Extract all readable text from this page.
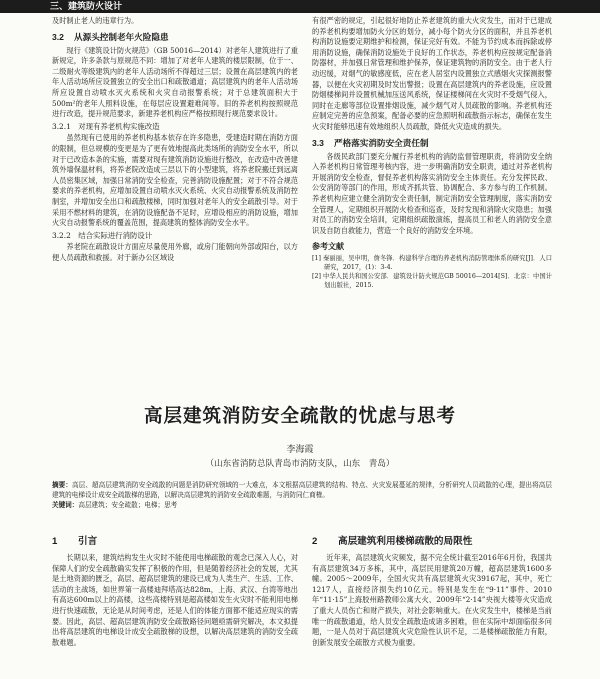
三、建筑防火设计

及时制止老人的违章行为。

3.2 从源头控制老年火险隐患

现行《建筑设计防火规范》（GB 50016—2014）对老年人建筑进行了重新规定，许多条款与原规范不同：增加了对老年人建筑的楼层限制，位于一、二级耐火等级建筑内的老年人活动场所不得超过三层；设置在高层建筑内的老年人活动场所应设置独立的安全出口和疏散通道；高层建筑内的老年人活动场所应设置自动喷水灭火系统和火灾自动报警系统；对于总建筑面积大于500m²的老年人照料设施，在每层应设置避难间等。旧的养老机构按照规范进行改造，提升规范要求，新建养老机构应严格按照现行规范要求设计。

3.2.1　 对现有养老机构实施改造

虽然现有已使用的养老机构基本依存在许多隐患，受建造时期在消防方面的限制，但总规模的变更是为了更有效地提高此类场所的消防安全水平，所以对于已改造本条的实施，需要对现有建筑消防设施进行整改，在改造中改善建筑外墙保温材料，将养老院改造成三层以下的小型建筑，将养老院搬迁到远离人员密集区域，加强日常消防安全检查，完善消防设施配置；对于不符合规范要求的养老机构，应增加设置自动喷水灭火系统、火灾自动报警系统及消防控制室，并增加安全出口和疏散楼梯，同时加强对老年人的安全疏散引导。对于采用不燃材料的建筑，在消防设施配备不足时，应增设相应的消防设施，增加火灾自动报警系统的覆盖范围，提高建筑的整体消防安全水平。

3.2.2　 结合实际进行消防设计

养老院在疏散设计方面应尽量使用外廊，或房门能朝向外部或阳台，以方便人员疏散和救援。对于新办公区域设

有很严密的规定，引起很好地防止养老建筑的重大火灾发生，而对于已建成的养老机构要增加防火分区的划分，减小每个防火分区的面积，并且养老机构消防设施要定期维护和检测，保证完好有效。不能为节约成本而拆除或停用消防设施，确保消防设施处于良好的工作状态，养老机构应按规定配备消防器材，并加强日常管理和维护保养，保证建筑物的消防安全。由于老人行动迟缓，对烟气的敏感度低，应在老人居室内设置独立式感烟火灾探测报警器，以便在火灾初期及时发出警报；设置在高层建筑内的养老设施，应设置防烟楼梯间并设置机械加压送风系统，保证楼梯间在火灾时不受烟气侵入，同时在走廊等部位设置排烟设施，减少烟气对人员疏散的影响。养老机构还应制定完善的应急预案，配备必要的应急照明和疏散指示标志，确保在发生火灾时能够迅速有效地组织人员疏散，降低火灾造成的损失。

3.3 严格落实消防安全责任制

各级民政部门要充分履行养老机构的消防监督管理职责，将消防安全纳入养老机构日常管理考核内容，进一步明确消防安全职责，通过对养老机构开展消防安全检查，督促养老机构落实消防安全主体责任。充分发挥民政、公安消防等部门的作用，形成齐抓共管、协调配合、多方参与的工作机制。养老机构应建立健全消防安全责任制，制定消防安全管理制度，落实消防安全管理人，定期组织开展防火检查和巡查，及时发现和消除火灾隐患；加强对员工的消防安全培训，定期组织疏散演练，提高员工和老人的消防安全意识及自防自救能力，营造一个良好的消防安全环境。

参考文献

[1] 秦丽丽，吴申明，詹冬锋．构建科学合理的养老机构消防管理体系的研究[J]．人口研究，2017，(1)：3-4.
[2] 中华人民共和国公安部．建筑设计防火规范GB 50016—2014[S]．北京：中国计划出版社，2015.

高层建筑消防安全疏散的忧虑与思考
李海霞
（山东省消防总队青岛市消防支队，山东　青岛）
摘要：高层、超高层建筑消防安全疏散的问题是消防研究领域的一大难点，本文根据高层建筑的结构、特点、火灾发展蔓延的规律，分析研究人员疏散的心理，提出将高层建筑的电梯设计成安全疏散梯的思路，以解决高层建筑的消防安全疏散难题，与消防同仁商榷。
关键词：高层建筑；安全疏散；电梯；思考
1 引言

长期以来，建筑结构发生火灾时不能使用电梯疏散的观念已深入人心，对保障人们的安全疏散确实发挥了积极的作用，但是随着经济社会的发展，尤其是土地资源的匮乏，高层、超高层建筑的建设已成为人类生产、生活、工作、活动的主战场，如世界第一高楼迪拜塔高达828m，上海、武汉、台湾等地出有高达600m以上的高楼，这些高楼特别是超高楼如发生火灾时不能利用电梯进行快速疏散，无论是从时间考虑，还是人们的体能方面都不能适应现实的需要。因此，高层、超高层建筑消防安全疏散路径问题亟需研究解决，本文拟提出将高层建筑的电梯设计成安全疏散梯的设想，以解决高层建筑的消防安全疏散难题。

2 高层建筑利用楼梯疏散的局限性

近年来，高层建筑火灾频发，据不完全统计截至2016年6月份，我国共有高层建筑34万多栋，其中，高层民用建筑20万幢，超高层建筑1600多幢。2005～2009年，全国火灾共有高层建筑火灾39167起，其中，死亡1217人，直接经济损失约10亿元。特别是发生在“9·11”事件、2010年“11·15”上海胶州路教师公寓大火、2009年“2·14”央视大楼等火灾造成了重大人员伤亡和财产损失，对社会影响重大。在火灾发生中，楼梯是当前唯一的疏散通道，给人员安全疏散造成诸多困难，但在实际中却面临很多问题，一是人员对于高层建筑火灾危险性认识不足，二是楼梯疏散能力有限，创新发展安全疏散方式极为重要。
